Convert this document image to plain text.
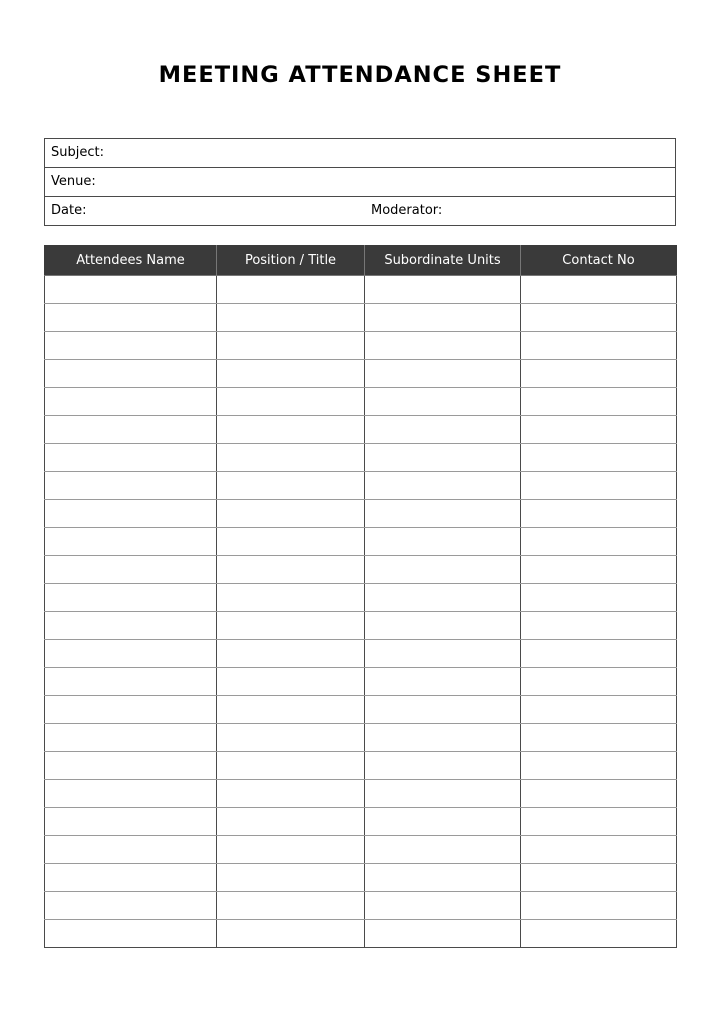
MEETING ATTENDANCE SHEET
Subject:
Venue:
Date:	Moderator:
Attendees Name	Position / Title	Subordinate Units	Contact No
